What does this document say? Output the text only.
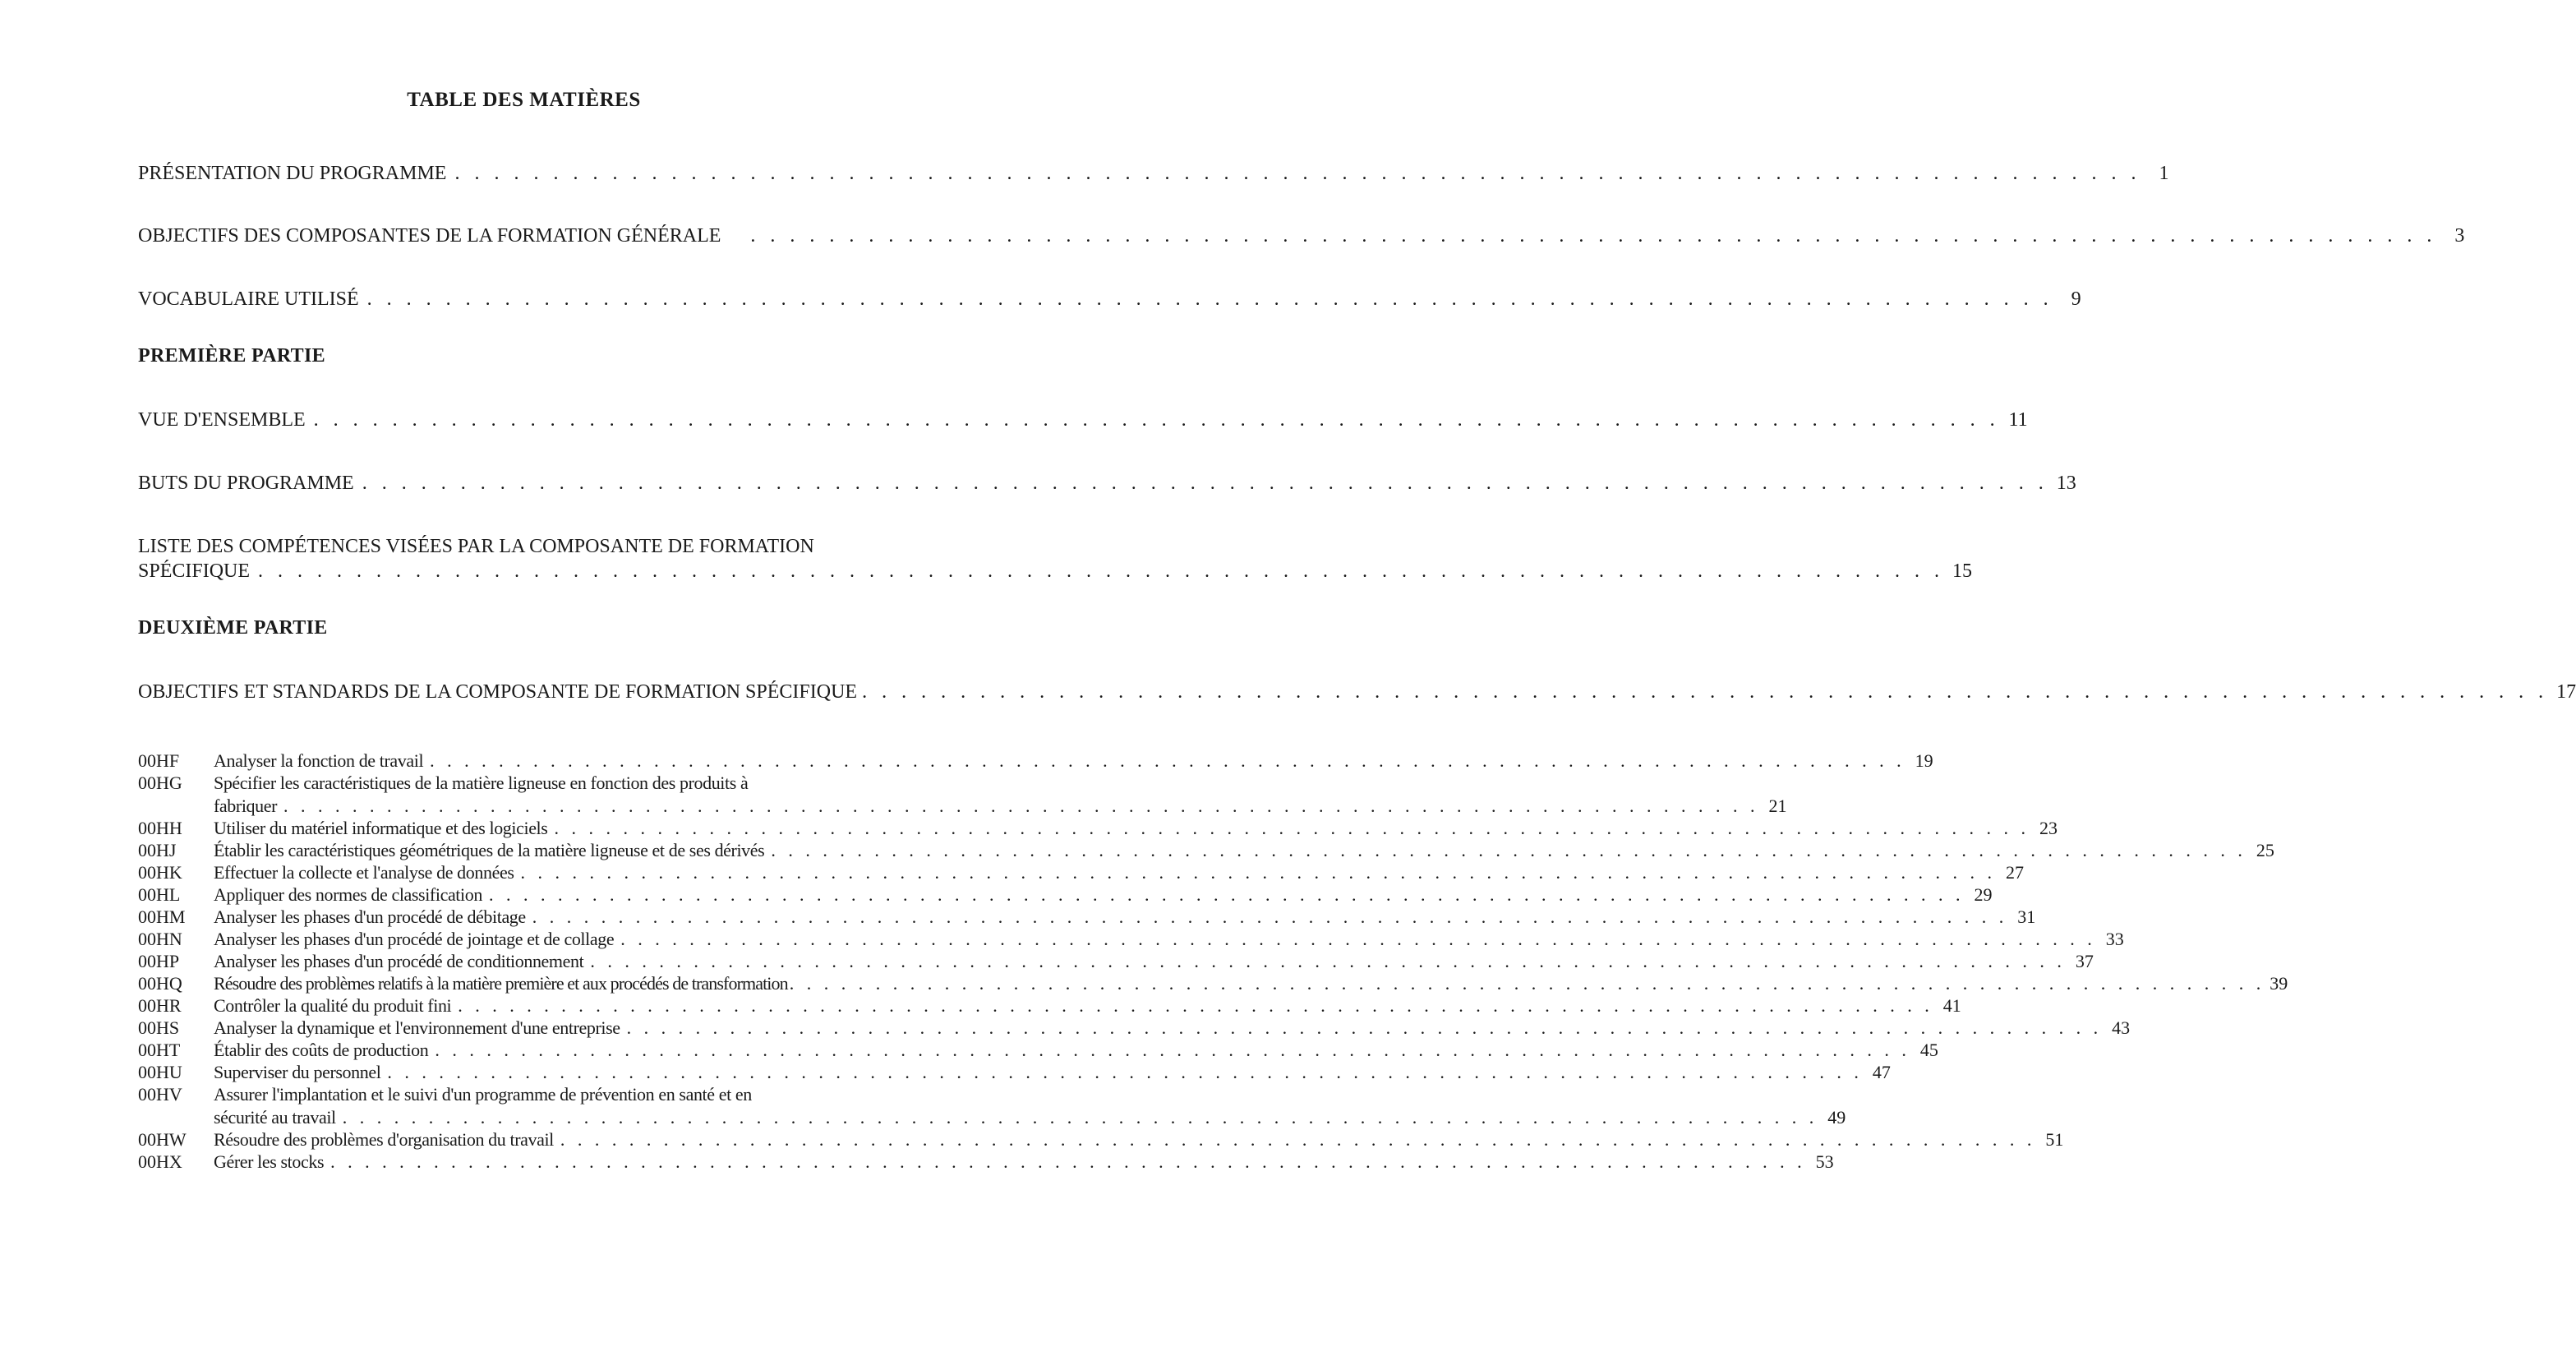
TABLE DES MATIÈRES
PRÉSENTATION DU PROGRAMME . . . . . . . . . . . . . . . . . . . . . . . . . . . . . . . . . . . . . . . . . . . . . . . . . . . . . . . . . . . . . . . . . . . . . . . . . . . . . . . . . . . . . . 1
OBJECTIFS DES COMPOSANTES DE LA FORMATION GÉNÉRALE . . . . . . . . . . . . . . . . . . . . . . . . . . . . . . . . . . . . . . . . . . . . . . . . . . . . . . . . . . . . . . . . . . . . . . . . . . . . . . . . . . . . . . 3
VOCABULAIRE UTILISÉ . . . . . . . . . . . . . . . . . . . . . . . . . . . . . . . . . . . . . . . . . . . . . . . . . . . . . . . . . . . . . . . . . . . . . . . . . . . . . . . . . . . . . . 9
PREMIÈRE PARTIE
VUE D'ENSEMBLE . . . . . . . . . . . . . . . . . . . . . . . . . . . . . . . . . . . . . . . . . . . . . . . . . . . . . . . . . . . . . . . . . . . . . . . . . . . . . . . . . . . . . . 11
BUTS DU PROGRAMME . . . . . . . . . . . . . . . . . . . . . . . . . . . . . . . . . . . . . . . . . . . . . . . . . . . . . . . . . . . . . . . . . . . . . . . . . . . . . . . . . . . . . . 13
LISTE DES COMPÉTENCES VISÉES PAR LA COMPOSANTE DE FORMATION
SPÉCIFIQUE . . . . . . . . . . . . . . . . . . . . . . . . . . . . . . . . . . . . . . . . . . . . . . . . . . . . . . . . . . . . . . . . . . . . . . . . . . . . . . . . . . . . . . 15
DEUXIÈME PARTIE
OBJECTIFS ET STANDARDS DE LA COMPOSANTE DE FORMATION SPÉCIFIQUE . . . . . . . . . . . . . . . . . . . . . . . . . . . . . . . . . . . . . . . . . . . . . . . . . . . . . . . . . . . . . . . . . . . . . . . . . . . . . . . . . . . . . . 17
00HF	Analyser la fonction de travail . . . . . . . . . . . . . . . . . . . . . . . . . . . . . . . . . . . . . . . . . . . . . . . . . . . . . . . . . . . . . . . . . . . . . . . . . . . . . . . . . . . . . . 19
00HG	Spécifier les caractéristiques de la matière ligneuse en fonction des produits à
fabriquer . . . . . . . . . . . . . . . . . . . . . . . . . . . . . . . . . . . . . . . . . . . . . . . . . . . . . . . . . . . . . . . . . . . . . . . . . . . . . . . . . . . . . . 21
00HH	Utiliser du matériel informatique et des logiciels . . . . . . . . . . . . . . . . . . . . . . . . . . . . . . . . . . . . . . . . . . . . . . . . . . . . . . . . . . . . . . . . . . . . . . . . . . . . . . . . . . . . . . 23
00HJ	Établir les caractéristiques géométriques de la matière ligneuse et de ses dérivés . . . . . . . . . . . . . . . . . . . . . . . . . . . . . . . . . . . . . . . . . . . . . . . . . . . . . . . . . . . . . . . . . . . . . . . . . . . . . . . . . . . . . . 25
00HK	Effectuer la collecte et l'analyse de données . . . . . . . . . . . . . . . . . . . . . . . . . . . . . . . . . . . . . . . . . . . . . . . . . . . . . . . . . . . . . . . . . . . . . . . . . . . . . . . . . . . . . . 27
00HL	Appliquer des normes de classification . . . . . . . . . . . . . . . . . . . . . . . . . . . . . . . . . . . . . . . . . . . . . . . . . . . . . . . . . . . . . . . . . . . . . . . . . . . . . . . . . . . . . . 29
00HM	Analyser les phases d'un procédé de débitage . . . . . . . . . . . . . . . . . . . . . . . . . . . . . . . . . . . . . . . . . . . . . . . . . . . . . . . . . . . . . . . . . . . . . . . . . . . . . . . . . . . . . . 31
00HN	Analyser les phases d'un procédé de jointage et de collage . . . . . . . . . . . . . . . . . . . . . . . . . . . . . . . . . . . . . . . . . . . . . . . . . . . . . . . . . . . . . . . . . . . . . . . . . . . . . . . . . . . . . . 33
00HP	Analyser les phases d'un procédé de conditionnement . . . . . . . . . . . . . . . . . . . . . . . . . . . . . . . . . . . . . . . . . . . . . . . . . . . . . . . . . . . . . . . . . . . . . . . . . . . . . . . . . . . . . . 37
00HQ	Résoudre des problèmes relatifs à la matière première et aux procédés de transformation . . . . . . . . . . . . . . . . . . . . . . . . . . . . . . . . . . . . . . . . . . . . . . . . . . . . . . . . . . . . . . . . . . . . . . . . . . . . . . . . . . . . . . 39
00HR	Contrôler la qualité du produit fini . . . . . . . . . . . . . . . . . . . . . . . . . . . . . . . . . . . . . . . . . . . . . . . . . . . . . . . . . . . . . . . . . . . . . . . . . . . . . . . . . . . . . . 41
00HS	Analyser la dynamique et l'environnement d'une entreprise . . . . . . . . . . . . . . . . . . . . . . . . . . . . . . . . . . . . . . . . . . . . . . . . . . . . . . . . . . . . . . . . . . . . . . . . . . . . . . . . . . . . . . 43
00HT	Établir des coûts de production . . . . . . . . . . . . . . . . . . . . . . . . . . . . . . . . . . . . . . . . . . . . . . . . . . . . . . . . . . . . . . . . . . . . . . . . . . . . . . . . . . . . . . 45
00HU	Superviser du personnel . . . . . . . . . . . . . . . . . . . . . . . . . . . . . . . . . . . . . . . . . . . . . . . . . . . . . . . . . . . . . . . . . . . . . . . . . . . . . . . . . . . . . . 47
00HV	Assurer l'implantation et le suivi d'un programme de prévention en santé et en
sécurité au travail . . . . . . . . . . . . . . . . . . . . . . . . . . . . . . . . . . . . . . . . . . . . . . . . . . . . . . . . . . . . . . . . . . . . . . . . . . . . . . . . . . . . . . 49
00HW	Résoudre des problèmes d'organisation du travail . . . . . . . . . . . . . . . . . . . . . . . . . . . . . . . . . . . . . . . . . . . . . . . . . . . . . . . . . . . . . . . . . . . . . . . . . . . . . . . . . . . . . . 51
00HX	Gérer les stocks . . . . . . . . . . . . . . . . . . . . . . . . . . . . . . . . . . . . . . . . . . . . . . . . . . . . . . . . . . . . . . . . . . . . . . . . . . . . . . . . . . . . . . 53
